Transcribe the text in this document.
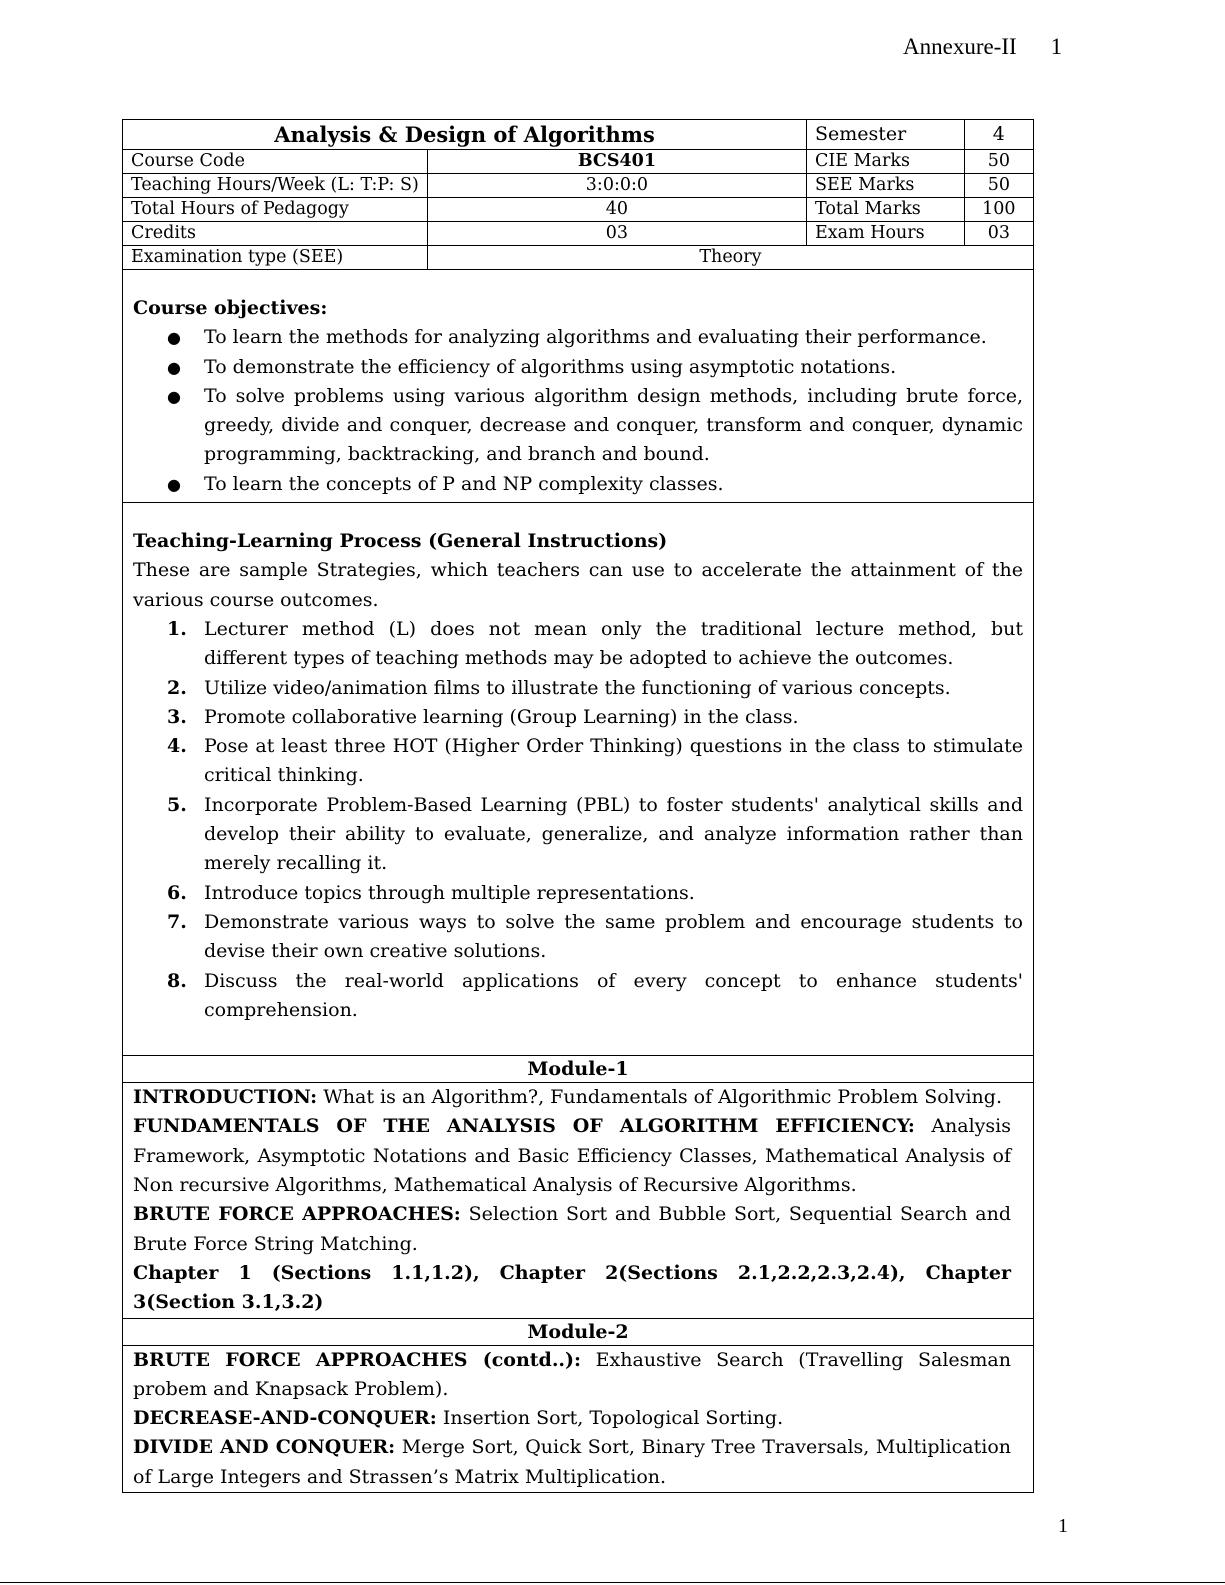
Annexure-II 1
Analysis & Design of Algorithms		Semester	4
Course Code	BCS401	CIE Marks	50
Teaching Hours/Week (L: T:P: S)	3:0:0:0	SEE Marks	50
Total Hours of Pedagogy	40	Total Marks	100
Credits	03	Exam Hours	03
Examination type (SEE)	Theory		
Course objectives:
● To learn the methods for analyzing algorithms and evaluating their performance.
● To demonstrate the efficiency of algorithms using asymptotic notations.
● To solve problems using various algorithm design methods, including brute force, greedy, divide and conquer, decrease and conquer, transform and conquer, dynamic programming, backtracking, and branch and bound.
● To learn the concepts of P and NP complexity classes.
Teaching-Learning Process (General Instructions)
These are sample Strategies, which teachers can use to accelerate the attainment of the various course outcomes.
1. Lecturer method (L) does not mean only the traditional lecture method, but different types of teaching methods may be adopted to achieve the outcomes.
2. Utilize video/animation films to illustrate the functioning of various concepts.
3. Promote collaborative learning (Group Learning) in the class.
4. Pose at least three HOT (Higher Order Thinking) questions in the class to stimulate critical thinking.
5. Incorporate Problem-Based Learning (PBL) to foster students' analytical skills and develop their ability to evaluate, generalize, and analyze information rather than merely recalling it.
6. Introduce topics through multiple representations.
7. Demonstrate various ways to solve the same problem and encourage students to devise their own creative solutions.
8. Discuss the real-world applications of every concept to enhance students' comprehension.
Module-1

INTRODUCTION: What is an Algorithm?, Fundamentals of Algorithmic Problem Solving.

FUNDAMENTALS OF THE ANALYSIS OF ALGORITHM EFFICIENCY: Analysis Framework, Asymptotic Notations and Basic Efficiency Classes, Mathematical Analysis of Non recursive Algorithms, Mathematical Analysis of Recursive Algorithms.

BRUTE FORCE APPROACHES: Selection Sort and Bubble Sort, Sequential Search and Brute Force String Matching.

Chapter 1 (Sections 1.1,1.2), Chapter 2(Sections 2.1,2.2,2.3,2.4), Chapter 3(Section 3.1,3.2)

Module-2

BRUTE FORCE APPROACHES (contd..): Exhaustive Search (Travelling Salesman probem and Knapsack Problem).

DECREASE-AND-CONQUER: Insertion Sort, Topological Sorting.

DIVIDE AND CONQUER: Merge Sort, Quick Sort, Binary Tree Traversals, Multiplication of Large Integers and Strassen’s Matrix Multiplication.

1
